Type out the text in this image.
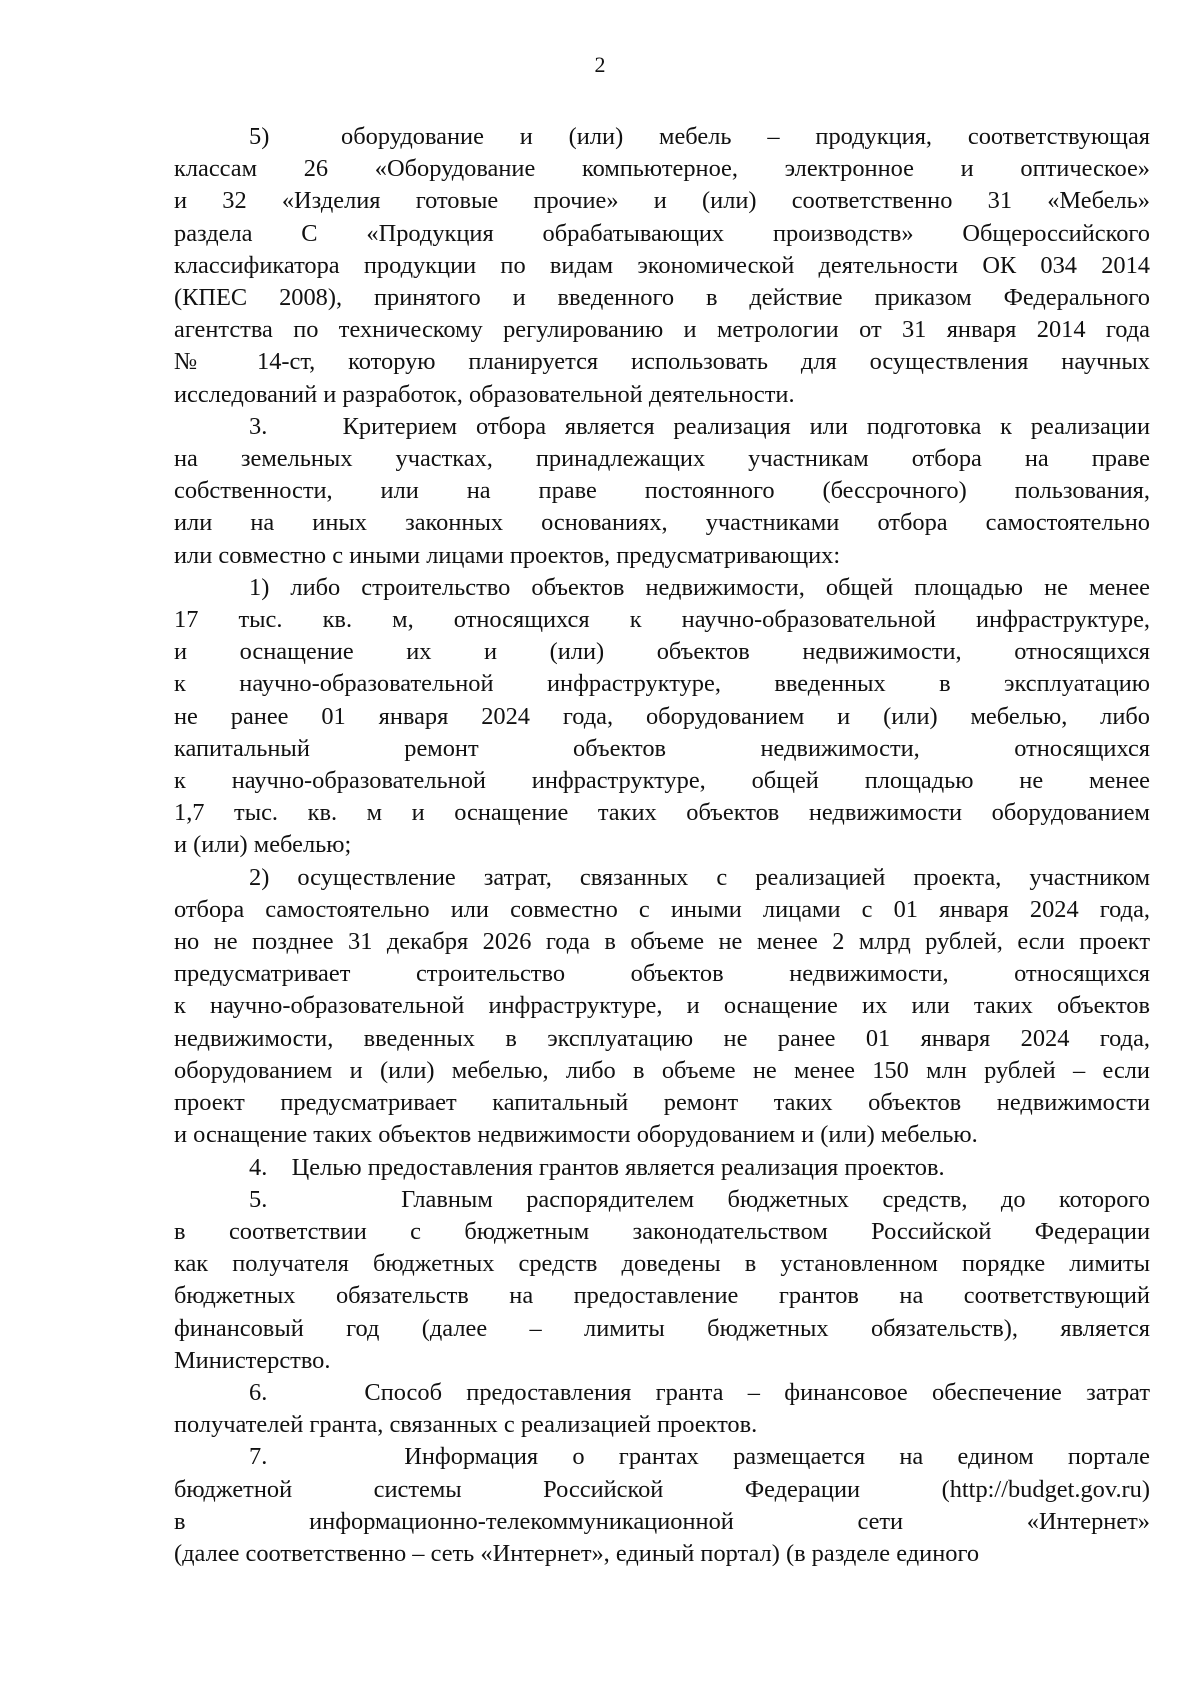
2
5)  оборудование и (или) мебель – продукция, соответствующая
классам 26 «Оборудование компьютерное, электронное и оптическое»
и 32 «Изделия готовые прочие» и (или) соответственно 31 «Мебель»
раздела С «Продукция обрабатывающих производств» Общероссийского
классификатора продукции по видам экономической деятельности ОК 034 2014
(КПЕС 2008), принятого и введенного в действие приказом Федерального
агентства по техническому регулированию и метрологии от 31 января 2014 года
№ 14-ст, которую планируется использовать для осуществления научных
исследований и разработок, образовательной деятельности.
3.    Критерием отбора является реализация или подготовка к реализации
на земельных участках, принадлежащих участникам отбора на праве
собственности, или на праве постоянного (бессрочного) пользования,
или на иных законных основаниях, участниками отбора самостоятельно
или совместно с иными лицами проектов, предусматривающих:
1) либо строительство объектов недвижимости, общей площадью не менее
17 тыс. кв. м, относящихся к научно-образовательной инфраструктуре,
и оснащение их и (или) объектов недвижимости, относящихся
к научно-образовательной инфраструктуре, введенных в эксплуатацию
не ранее 01 января 2024 года, оборудованием и (или) мебелью, либо
капитальный ремонт объектов недвижимости, относящихся
к научно-образовательной инфраструктуре, общей площадью не менее
1,7 тыс. кв. м и оснащение таких объектов недвижимости оборудованием
и (или) мебелью;
2) осуществление затрат, связанных с реализацией проекта, участником
отбора самостоятельно или совместно с иными лицами с 01 января 2024 года,
но не позднее 31 декабря 2026 года в объеме не менее 2 млрд рублей, если проект
предусматривает строительство объектов недвижимости, относящихся
к научно-образовательной инфраструктуре, и оснащение их или таких объектов
недвижимости, введенных в эксплуатацию не ранее 01 января 2024 года,
оборудованием и (или) мебелью, либо в объеме не менее 150 млн рублей – если
проект предусматривает капитальный ремонт таких объектов недвижимости
и оснащение таких объектов недвижимости оборудованием и (или) мебелью.
4.    Целью предоставления грантов является реализация проектов.
5.    Главным распорядителем бюджетных средств, до которого
в соответствии с бюджетным законодательством Российской Федерации
как получателя бюджетных средств доведены в установленном порядке лимиты
бюджетных обязательств на предоставление грантов на соответствующий
финансовый год (далее – лимиты бюджетных обязательств), является
Министерство.
6.    Способ предоставления гранта – финансовое обеспечение затрат
получателей гранта, связанных с реализацией проектов.
7.    Информация о грантах размещается на едином портале
бюджетной системы Российской Федерации (http://budget.gov.ru)
в информационно-телекоммуникационной сети «Интернет»
(далее соответственно – сеть «Интернет», единый портал) (в разделе единого
